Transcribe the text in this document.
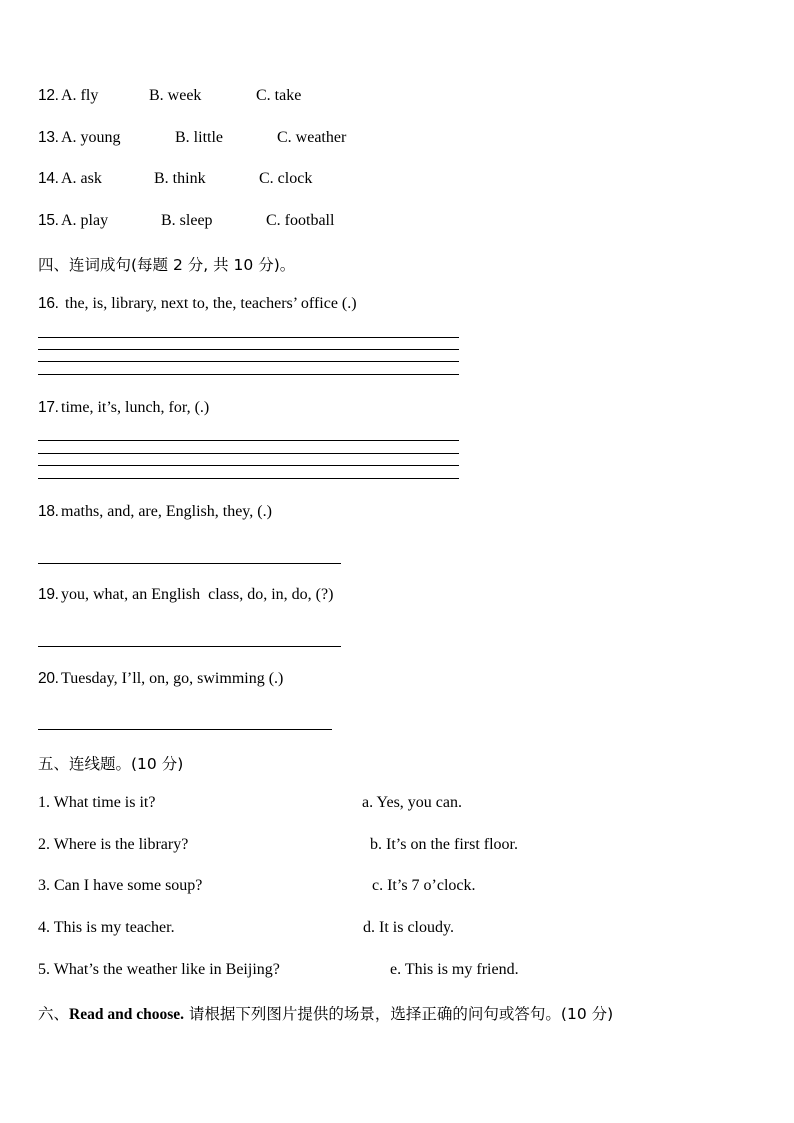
12. A. fly	B. week	C. take
13. A. young	B. little	C. weather
14. A. ask	B. think	C. clock
15. A. play	B. sleep	C. football
四、连词成句(每题 2 分, 共 10 分)。
16. the, is, library, next to, the, teachers’ office (.)
17. time, it’s, lunch, for, (.)
18. maths, and, are, English, they, (.)
19. you, what, an English  class, do, in, do, (?)
20. Tuesday, I’ll, on, go, swimming (.)
五、连线题。(10 分)
1. What time is it?
2. Where is the library?
3. Can I have some soup?
4. This is my teacher.
5. What’s the weather like in Beijing?
a. Yes, you can.
b. It’s on the first floor.
c. It’s 7 o’clock.
d. It is cloudy.
e. This is my friend.
六、Read and choose. 请根据下列图片提供的场景，选择正确的问句或答句。(10 分)
